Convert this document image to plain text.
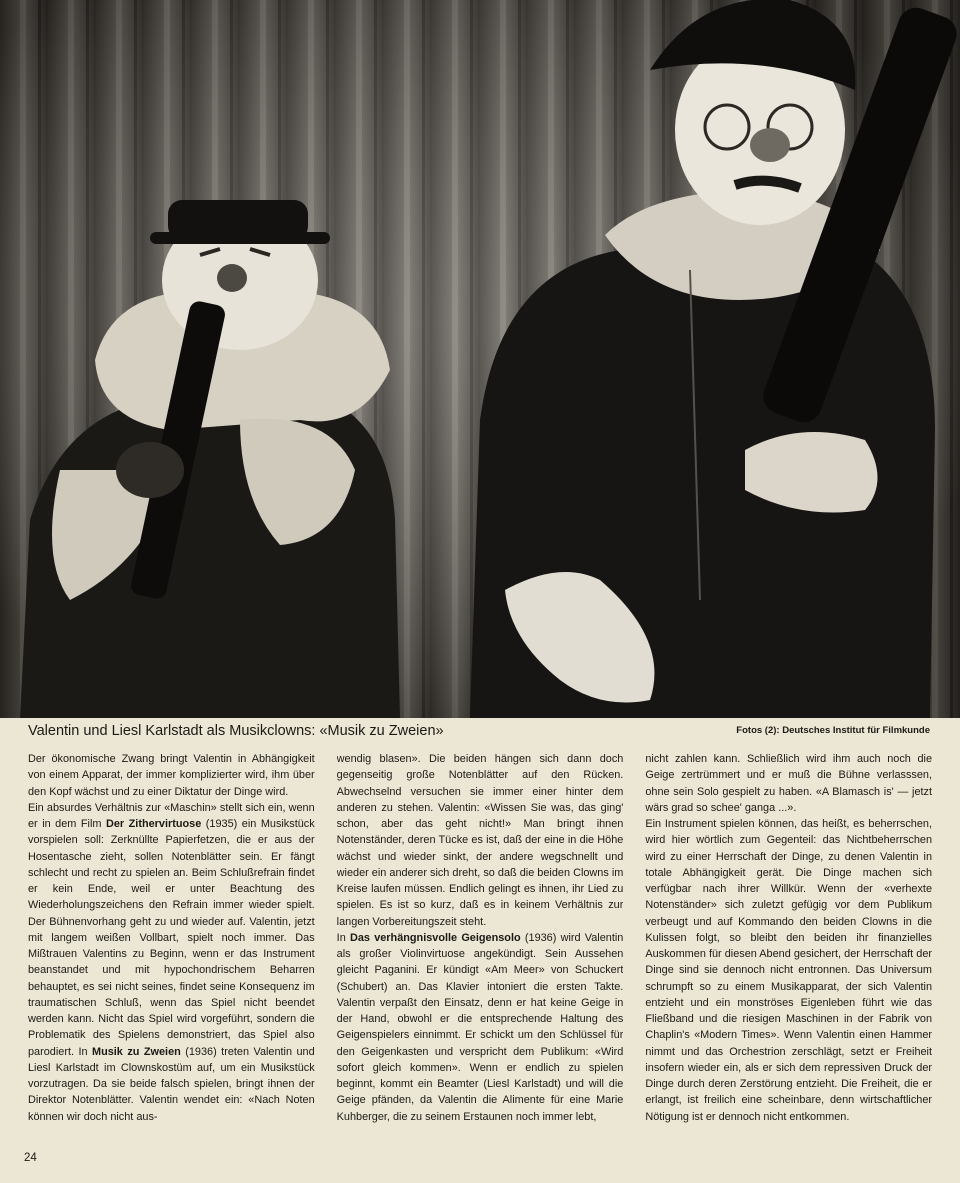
Valentin und Liesl Karlstadt als Musikclowns: «Musik zu Zweien»	Fotos (2): Deutsches Institut für Filmkunde

Der ökonomische Zwang bringt Valentin in Abhängigkeit von einem Apparat, der immer komplizierter wird, ihm über den Kopf wächst und zu einer Diktatur der Dinge wird.

Ein absurdes Verhältnis zur «Maschin» stellt sich ein, wenn er in dem Film Der Zithervirtuose (1935) ein Musikstück vorspielen soll: Zerknüllte Papierfetzen, die er aus der Hosentasche zieht, sollen Notenblätter sein. Er fängt schlecht und recht zu spielen an. Beim Schlußrefrain findet er kein Ende, weil er unter Beachtung des Wiederholungszeichens den Refrain immer wieder spielt. Der Bühnenvorhang geht zu und wieder auf. Valentin, jetzt mit langem weißen Vollbart, spielt noch immer. Das Mißtrauen Valentins zu Beginn, wenn er das Instrument beanstandet und mit hypochondrischem Beharren behauptet, es sei nicht seines, findet seine Konsequenz im traumatischen Schluß, wenn das Spiel nicht beendet werden kann. Nicht das Spiel wird vorgeführt, sondern die Problematik des Spielens demonstriert, das Spiel also parodiert. In Musik zu Zweien (1936) treten Valentin und Liesl Karlstadt im Clownskostüm auf, um ein Musikstück vorzutragen. Da sie beide falsch spielen, bringt ihnen der Direktor Notenblätter. Valentin wendet ein: «Nach Noten können wir doch nicht aus-

wendig blasen». Die beiden hängen sich dann doch gegenseitig große Notenblätter auf den Rücken. Abwechselnd versuchen sie immer einer hinter dem anderen zu stehen. Valentin: «Wissen Sie was, das ging' schon, aber das geht nicht!» Man bringt ihnen Notenständer, deren Tücke es ist, daß der eine in die Höhe wächst und wieder sinkt, der andere wegschnellt und wieder ein anderer sich dreht, so daß die beiden Clowns im Kreise laufen müssen. Endlich gelingt es ihnen, ihr Lied zu spielen. Es ist so kurz, daß es in keinem Verhältnis zur langen Vorbereitungszeit steht.

In Das verhängnisvolle Geigensolo (1936) wird Valentin als großer Violinvirtuose angekündigt. Sein Aussehen gleicht Paganini. Er kündigt «Am Meer» von Schuckert (Schubert) an. Das Klavier intoniert die ersten Takte. Valentin verpaßt den Einsatz, denn er hat keine Geige in der Hand, obwohl er die entsprechende Haltung des Geigenspielers einnimmt. Er schickt um den Schlüssel für den Geigenkasten und verspricht dem Publikum: «Wird sofort gleich kommen». Wenn er endlich zu spielen beginnt, kommt ein Beamter (Liesl Karlstadt) und will die Geige pfänden, da Valentin die Alimente für eine Marie Kuhberger, die zu seinem Erstaunen noch immer lebt,

nicht zahlen kann. Schließlich wird ihm auch noch die Geige zertrümmert und er muß die Bühne verlasssen, ohne sein Solo gespielt zu haben. «A Blamasch is' — jetzt wärs grad so schee' ganga ...».

Ein Instrument spielen können, das heißt, es beherrschen, wird hier wörtlich zum Gegenteil: das Nichtbeherrschen wird zu einer Herrschaft der Dinge, zu denen Valentin in totale Abhängigkeit gerät. Die Dinge machen sich verfügbar nach ihrer Willkür. Wenn der «verhexte Notenständer» sich zuletzt gefügig vor dem Publikum verbeugt und auf Kommando den beiden Clowns in die Kulissen folgt, so bleibt den beiden ihr finanzielles Auskommen für diesen Abend gesichert, der Herrschaft der Dinge sind sie dennoch nicht entronnen. Das Universum schrumpft so zu einem Musikapparat, der sich Valentin entzieht und ein monströses Eigenleben führt wie das Fließband und die riesigen Maschinen in der Fabrik von Chaplin's «Modern Times». Wenn Valentin einen Hammer nimmt und das Orchestrion zerschlägt, setzt er Freiheit insofern wieder ein, als er sich dem repressiven Druck der Dinge durch deren Zerstörung entzieht. Die Freiheit, die er erlangt, ist freilich eine scheinbare, denn wirtschaftlicher Nötigung ist er dennoch nicht entkommen.

24
